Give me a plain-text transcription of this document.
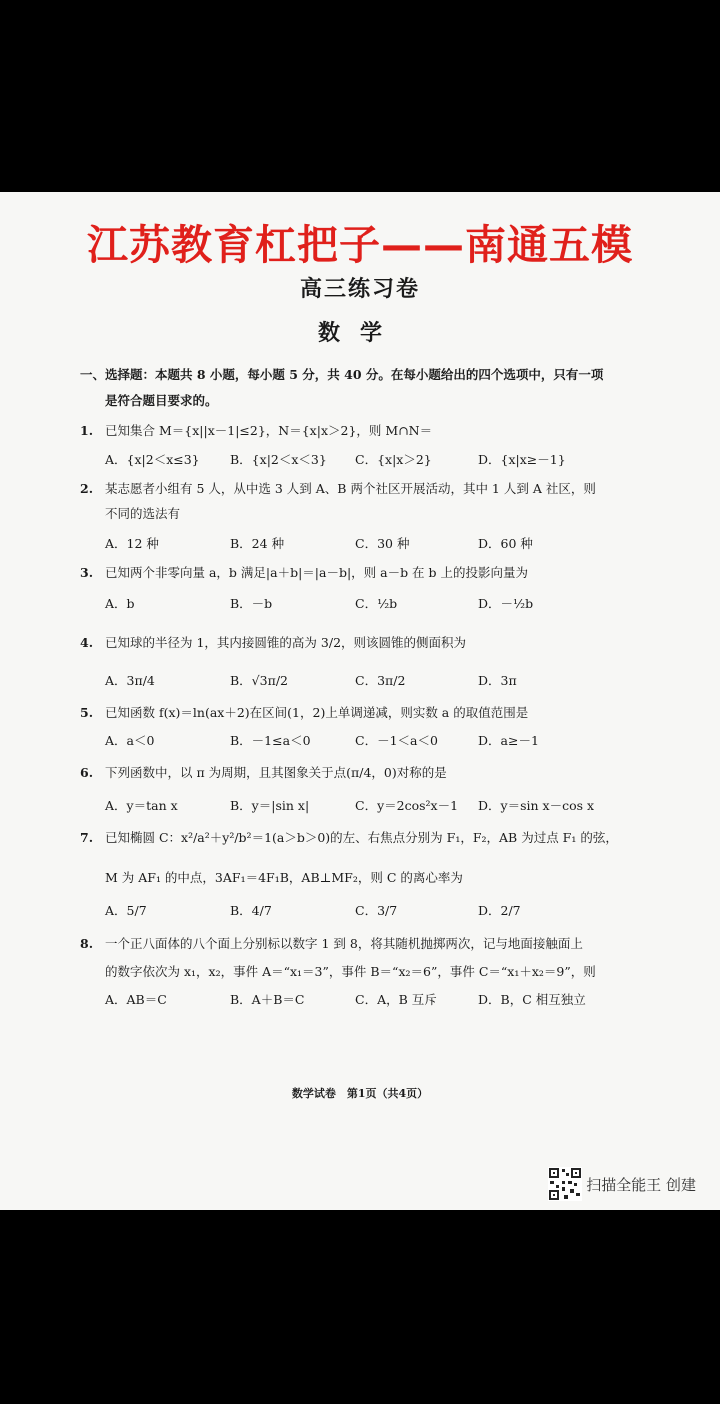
江苏教育杠把子——南通五模
高三练习卷
数学
一、选择题：本题共 8 小题，每小题 5 分，共 40 分。在每小题给出的四个选项中，只有一项
是符合题目要求的。
1. 已知集合 M＝{x||x－1|≤2}，N＝{x|x＞2}，则 M∩N＝
A．{x|2＜x≤3} B．{x|2＜x＜3} C．{x|x＞2}	D．{x|x≥－1}
2. 某志愿者小组有 5 人，从中选 3 人到 A、B 两个社区开展活动，其中 1 人到 A 社区，则
不同的选法有
A．12 种	B．24 种	C．30 种	D．60 种
3. 已知两个非零向量 a，b 满足|a＋b|＝|a－b|，则 a－b 在 b 上的投影向量为
A．b	B．－b	C．½b	D．－½b
4. 已知球的半径为 1，其内接圆锥的高为 3/2，则该圆锥的侧面积为
A．3π/4	B．√3π/2	C．3π/2	D．3π
5. 已知函数 f(x)＝ln(ax＋2)在区间(1，2)上单调递减，则实数 a 的取值范围是
A．a＜0	B．－1≤a＜0	C．－1＜a＜0	D．a≥－1
6. 下列函数中，以 π 为周期，且其图象关于点(π/4，0)对称的是
A．y＝tan x	B．y＝|sin x|	C．y＝2cos²x－1 D．y＝sin x－cos x
7. 已知椭圆 C：x²/a²＋y²/b²＝1(a＞b＞0)的左、右焦点分别为 F₁，F₂，AB 为过点 F₁ 的弦，
M 为 AF₁ 的中点，3AF₁＝4F₁B，AB⊥MF₂，则 C 的离心率为
A．5/7	B．4/7	C．3/7	D．2/7
8. 一个正八面体的八个面上分别标以数字 1 到 8，将其随机抛掷两次，记与地面接触面上
的数字依次为 x₁，x₂，事件 A＝“x₁＝3”，事件 B＝“x₂＝6”，事件 C＝“x₁＋x₂＝9”，则
A．AB＝C	B．A＋B＝C	C．A，B 互斥	D．B，C 相互独立
数学试卷　第1页（共4页）
扫描全能王 创建
